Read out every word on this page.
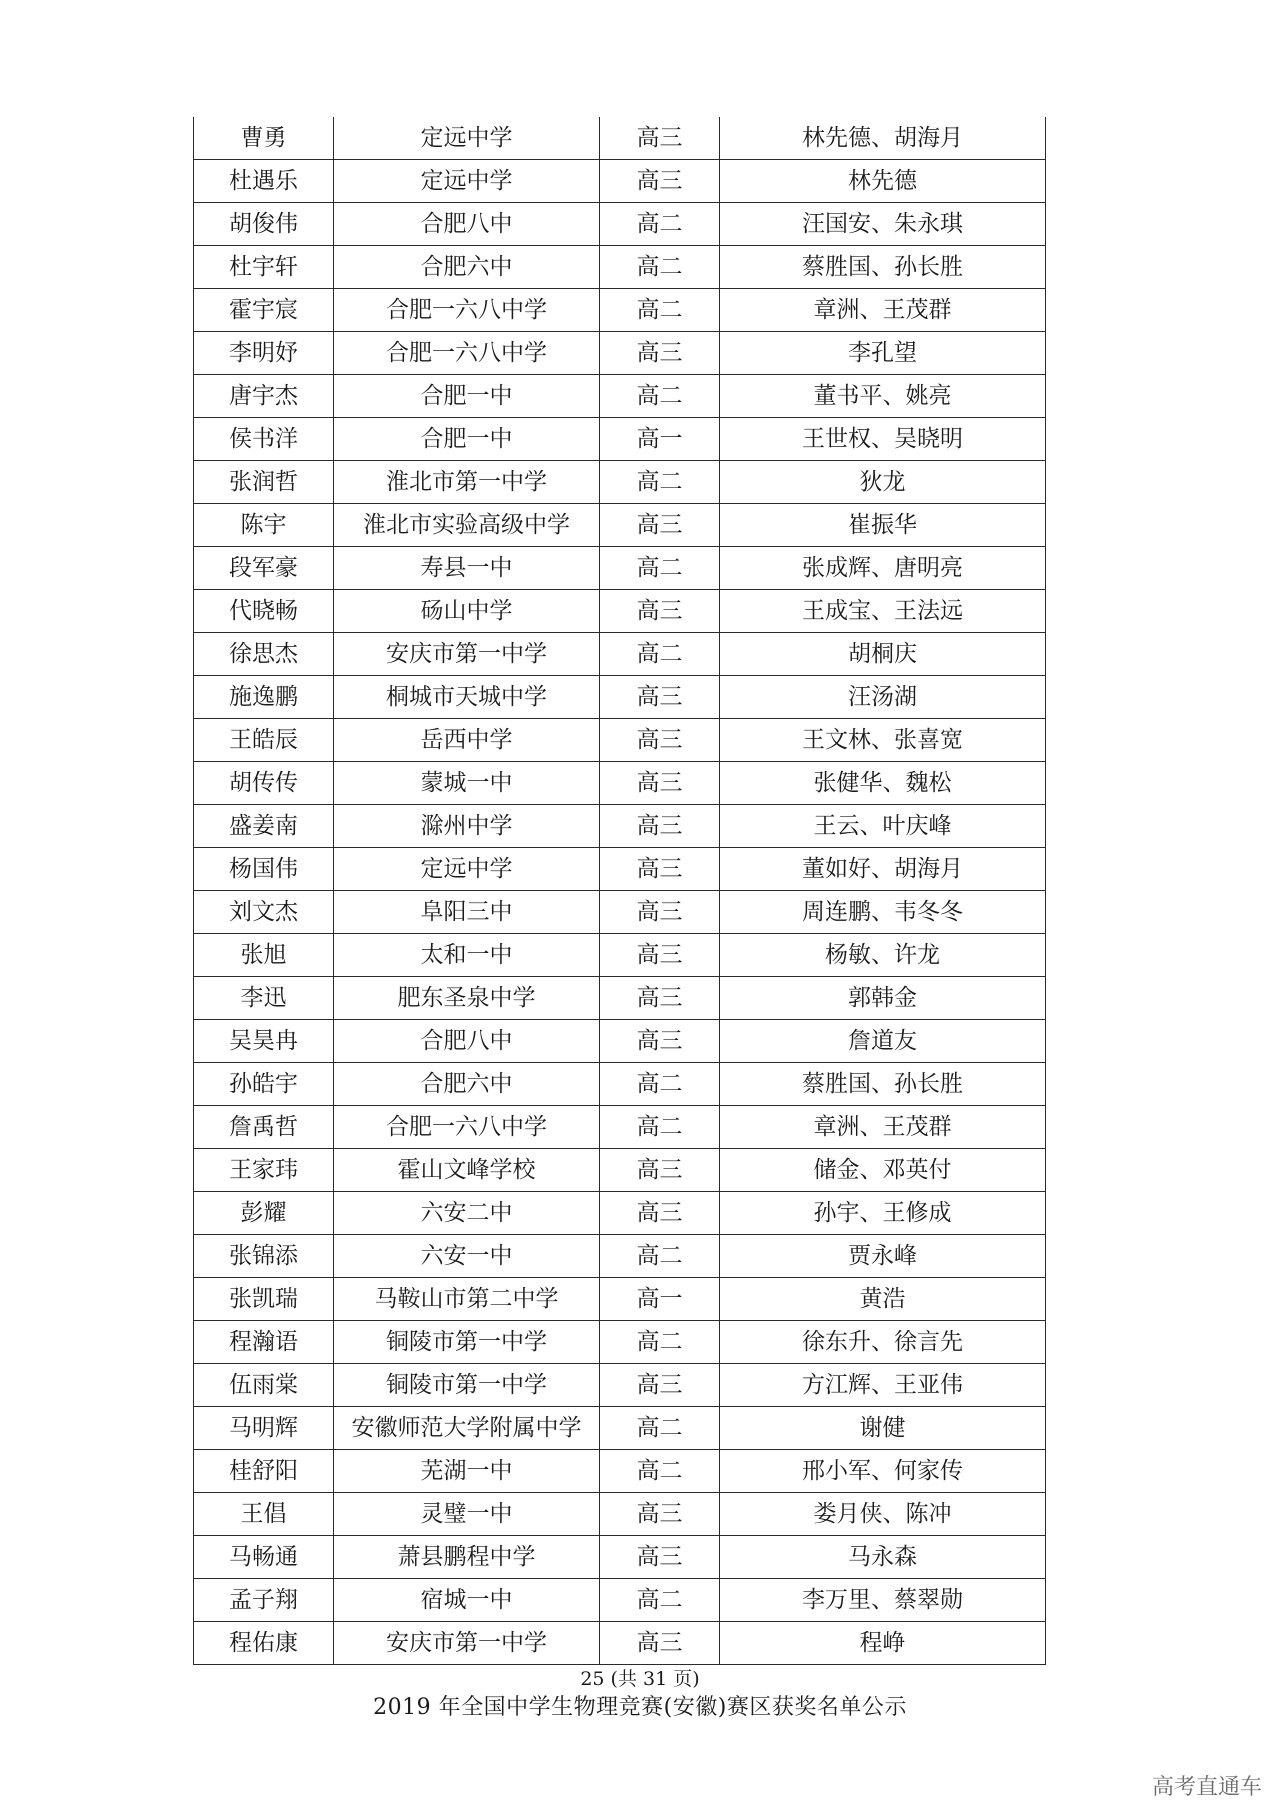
曹勇	定远中学	高三	林先德、胡海月
杜遇乐	定远中学	高三	林先德
胡俊伟	合肥八中	高二	汪国安、朱永琪
杜宇轩	合肥六中	高二	蔡胜国、孙长胜
霍宇宸	合肥一六八中学	高二	章洲、王茂群
李明妤	合肥一六八中学	高三	李孔望
唐宇杰	合肥一中	高二	董书平、姚亮
侯书洋	合肥一中	高一	王世权、吴晓明
张润哲	淮北市第一中学	高二	狄龙
陈宇	淮北市实验高级中学	高三	崔振华
段军豪	寿县一中	高二	张成辉、唐明亮
代晓畅	砀山中学	高三	王成宝、王法远
徐思杰	安庆市第一中学	高二	胡桐庆
施逸鹏	桐城市天城中学	高三	汪汤湖
王皓辰	岳西中学	高三	王文林、张喜宽
胡传传	蒙城一中	高三	张健华、魏松
盛姜南	滁州中学	高三	王云、叶庆峰
杨国伟	定远中学	高三	董如好、胡海月
刘文杰	阜阳三中	高三	周连鹏、韦冬冬
张旭	太和一中	高三	杨敏、许龙
李迅	肥东圣泉中学	高三	郭韩金
吴昊冉	合肥八中	高三	詹道友
孙皓宇	合肥六中	高二	蔡胜国、孙长胜
詹禹哲	合肥一六八中学	高二	章洲、王茂群
王家玮	霍山文峰学校	高三	储金、邓英付
彭耀	六安二中	高三	孙宇、王修成
张锦添	六安一中	高二	贾永峰
张凯瑞	马鞍山市第二中学	高一	黄浩
程瀚语	铜陵市第一中学	高二	徐东升、徐言先
伍雨棠	铜陵市第一中学	高三	方江辉、王亚伟
马明辉	安徽师范大学附属中学	高二	谢健
桂舒阳	芜湖一中	高二	邢小军、何家传
王倡	灵璧一中	高三	娄月侠、陈冲
马畅通	萧县鹏程中学	高三	马永森
孟子翔	宿城一中	高二	李万里、蔡翠勋
程佑康	安庆市第一中学	高三	程峥
25 (共 31 页)
2019 年全国中学生物理竞赛(安徽)赛区获奖名单公示
高考直通车
